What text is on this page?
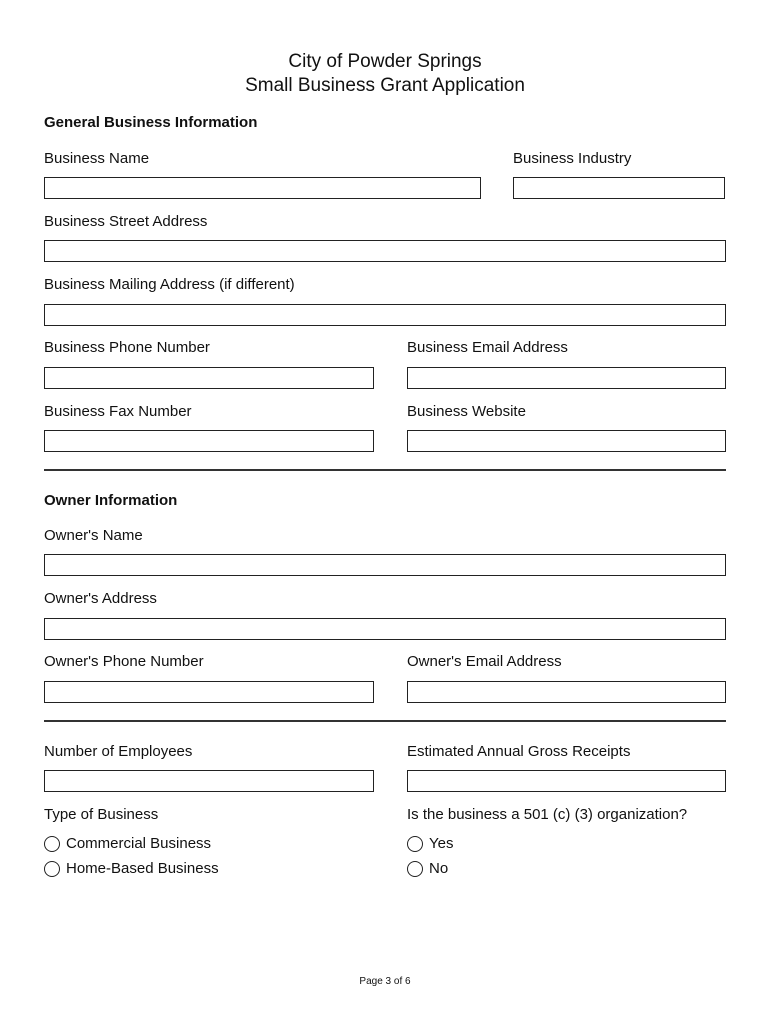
City of Powder Springs
Small Business Grant Application
General Business Information
Business Name	Business Industry
Business Street Address
Business Mailing Address (if different)
Business Phone Number	Business Email Address
Business Fax Number	Business Website
Owner Information
Owner's Name
Owner's Address
Owner's Phone Number	Owner's Email Address
Number of Employees	Estimated Annual Gross Receipts
Type of Business	Is the business a 501 (c) (3) organization?
Commercial Business
Home-Based Business
Yes
No
Page 3 of 6
